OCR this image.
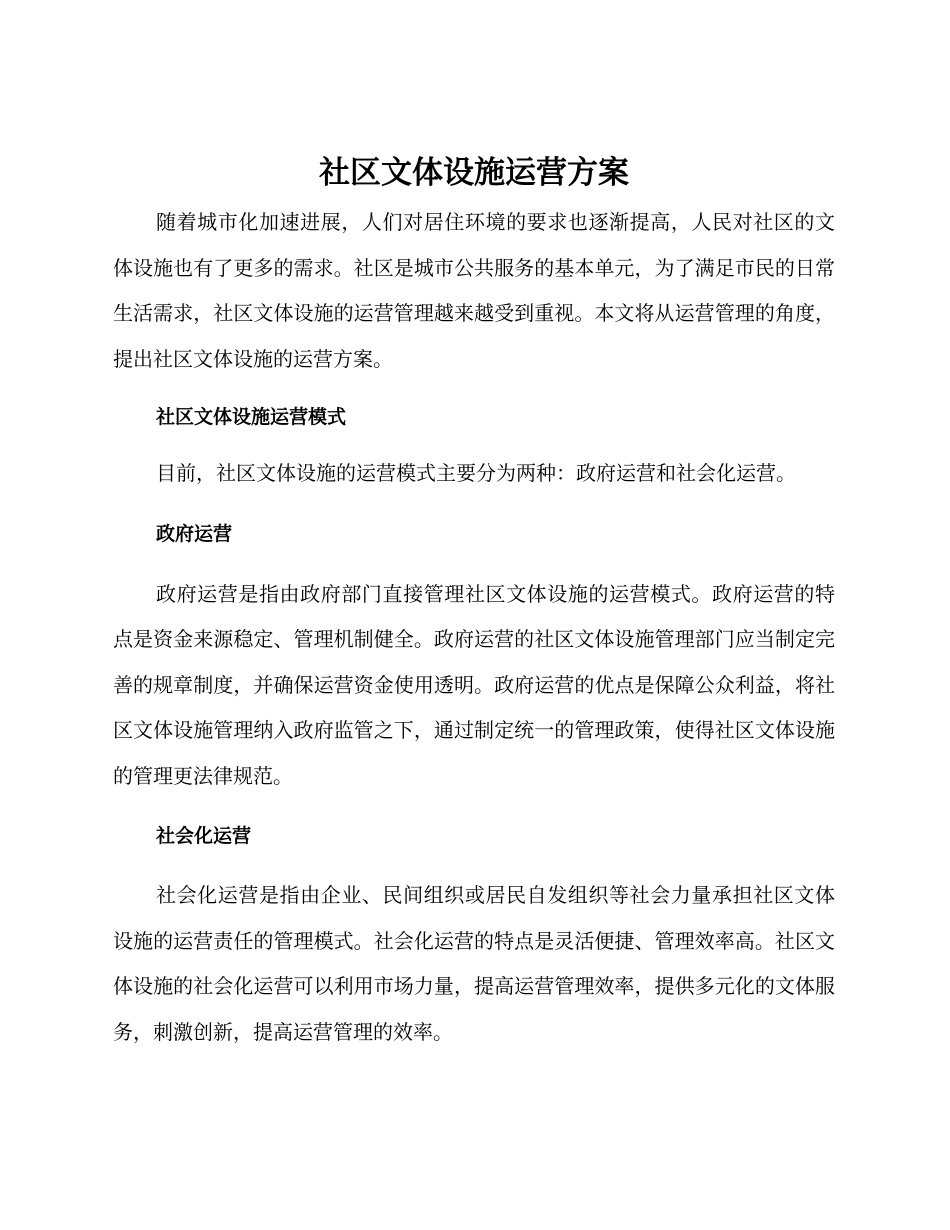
社区文体设施运营方案

随着城市化加速进展，人们对居住环境的要求也逐渐提高，人民对社区的文体设施也有了更多的需求。社区是城市公共服务的基本单元，为了满足市民的日常生活需求，社区文体设施的运营管理越来越受到重视。本文将从运营管理的角度，提出社区文体设施的运营方案。

社区文体设施运营模式

目前，社区文体设施的运营模式主要分为两种：政府运营和社会化运营。

政府运营

政府运营是指由政府部门直接管理社区文体设施的运营模式。政府运营的特点是资金来源稳定、管理机制健全。政府运营的社区文体设施管理部门应当制定完善的规章制度，并确保运营资金使用透明。政府运营的优点是保障公众利益，将社区文体设施管理纳入政府监管之下，通过制定统一的管理政策，使得社区文体设施的管理更法律规范。

社会化运营

社会化运营是指由企业、民间组织或居民自发组织等社会力量承担社区文体设施的运营责任的管理模式。社会化运营的特点是灵活便捷、管理效率高。社区文体设施的社会化运营可以利用市场力量，提高运营管理效率，提供多元化的文体服务，刺激创新，提高运营管理的效率。
